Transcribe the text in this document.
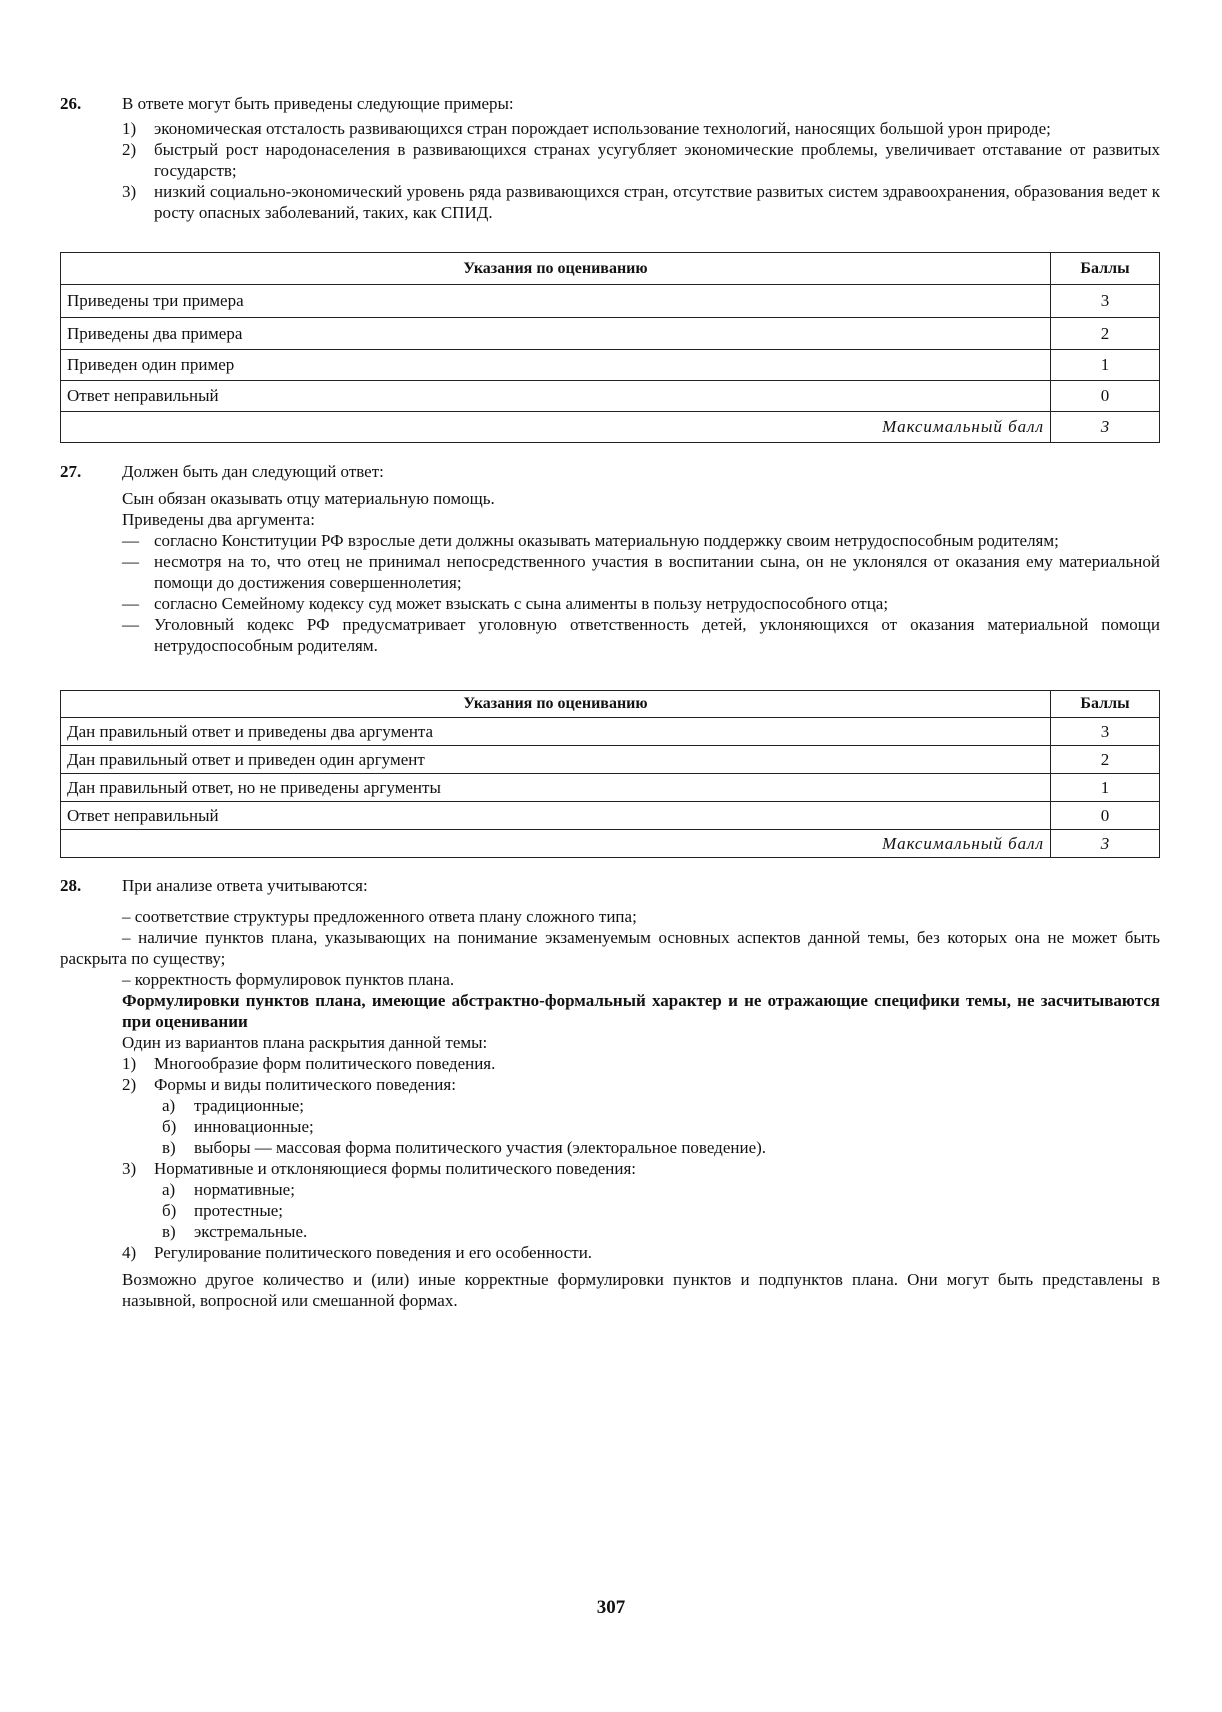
26. В ответе могут быть приведены следующие примеры:
1) экономическая отсталость развивающихся стран порождает использование технологий, наносящих большой урон природе;
2) быстрый рост народонаселения в развивающихся странах усугубляет экономические проблемы, увеличивает отставание от развитых государств;
3) низкий социально-экономический уровень ряда развивающихся стран, отсутствие развитых систем здравоохранения, образования ведет к росту опасных заболеваний, таких, как СПИД.
Указания по оцениванию	Баллы
Приведены три примера	3
Приведены два примера	2
Приведен один пример	1
Ответ неправильный	0
Максимальный балл	3
27. Должен быть дан следующий ответ:
Сын обязан оказывать отцу материальную помощь.
Приведены два аргумента:
— согласно Конституции РФ взрослые дети должны оказывать материальную поддержку своим нетрудоспособным родителям;
— несмотря на то, что отец не принимал непосредственного участия в воспитании сына, он не уклонялся от оказания ему материальной помощи до достижения совершеннолетия;
— согласно Семейному кодексу суд может взыскать с сына алименты в пользу нетрудоспособного отца;
— Уголовный кодекс РФ предусматривает уголовную ответственность детей, уклоняющихся от оказания материальной помощи нетрудоспособным родителям.
Указания по оцениванию	Баллы
Дан правильный ответ и приведены два аргумента	3
Дан правильный ответ и приведен один аргумент	2
Дан правильный ответ, но не приведены аргументы	1
Ответ неправильный	0
Максимальный балл	3
28. При анализе ответа учитываются:
– соответствие структуры предложенного ответа плану сложного типа;
– наличие пунктов плана, указывающих на понимание экзаменуемым основных аспектов данной темы, без которых она не может быть раскрыта по существу;
– корректность формулировок пунктов плана.
Формулировки пунктов плана, имеющие абстрактно-формальный характер и не отражающие специфики темы, не засчитываются при оценивании
Один из вариантов плана раскрытия данной темы:
1) Многообразие форм политического поведения.
2) Формы и виды политического поведения:
а) традиционные;
б) инновационные;
в) выборы — массовая форма политического участия (электоральное поведение).
3) Нормативные и отклоняющиеся формы политического поведения:
а) нормативные;
б) протестные;
в) экстремальные.
4) Регулирование политического поведения и его особенности.
Возможно другое количество и (или) иные корректные формулировки пунктов и подпунктов плана. Они могут быть представлены в назывной, вопросной или смешанной формах.
307
